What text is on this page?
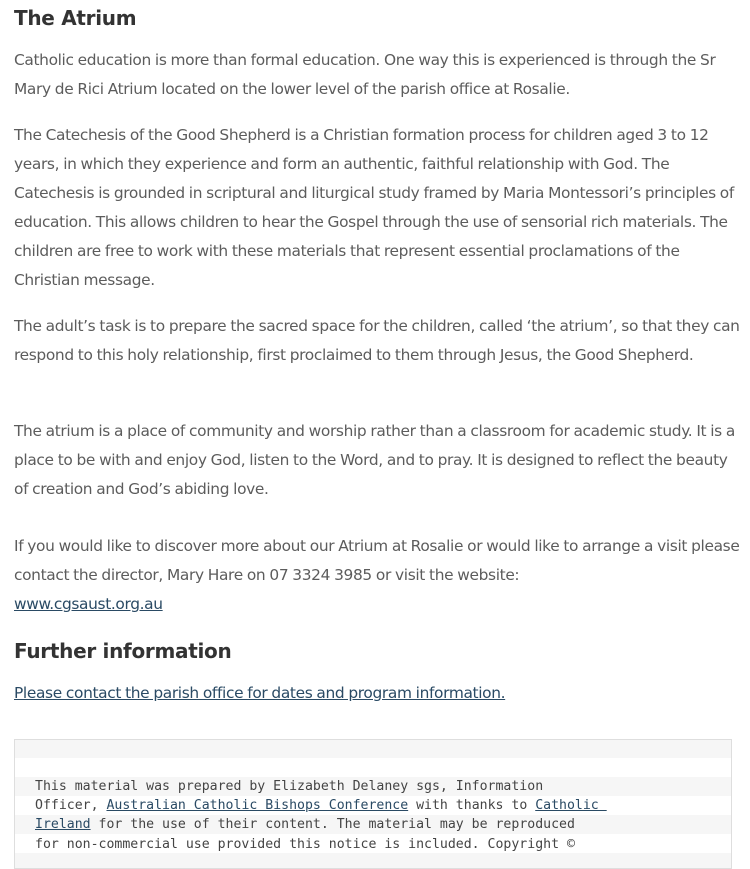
The Atrium

Catholic education is more than formal education. One way this is experienced is through the Sr Mary de Rici Atrium located on the lower level of the parish office at Rosalie.

The Catechesis of the Good Shepherd is a Christian formation process for children aged 3 to 12 years, in which they experience and form an authentic, faithful relationship with God. The Catechesis is grounded in scriptural and liturgical study framed by Maria Montessori’s principles of education. This allows children to hear the Gospel through the use of sensorial rich materials. The children are free to work with these materials that represent essential proclamations of the Christian message.

The adult’s task is to prepare the sacred space for the children, called ‘the atrium’, so that they can respond to this holy relationship, first proclaimed to them through Jesus, the Good Shepherd.

The atrium is a place of community and worship rather than a classroom for academic study. It is a place to be with and enjoy God, listen to the Word, and to pray. It is designed to reflect the beauty of creation and God’s abiding love.

If you would like to discover more about our Atrium at Rosalie or would like to arrange a visit please contact the director, Mary Hare on 07 3324 3985 or visit the website:
www.cgsaust.org.au

Further information
Please contact the parish office for dates and program information.
This material was prepared by Elizabeth Delaney sgs, Information
Officer, Australian Catholic Bishops Conference with thanks to Catholic
Ireland for the use of their content. The material may be reproduced
for non-commercial use provided this notice is included. Copyright ©
